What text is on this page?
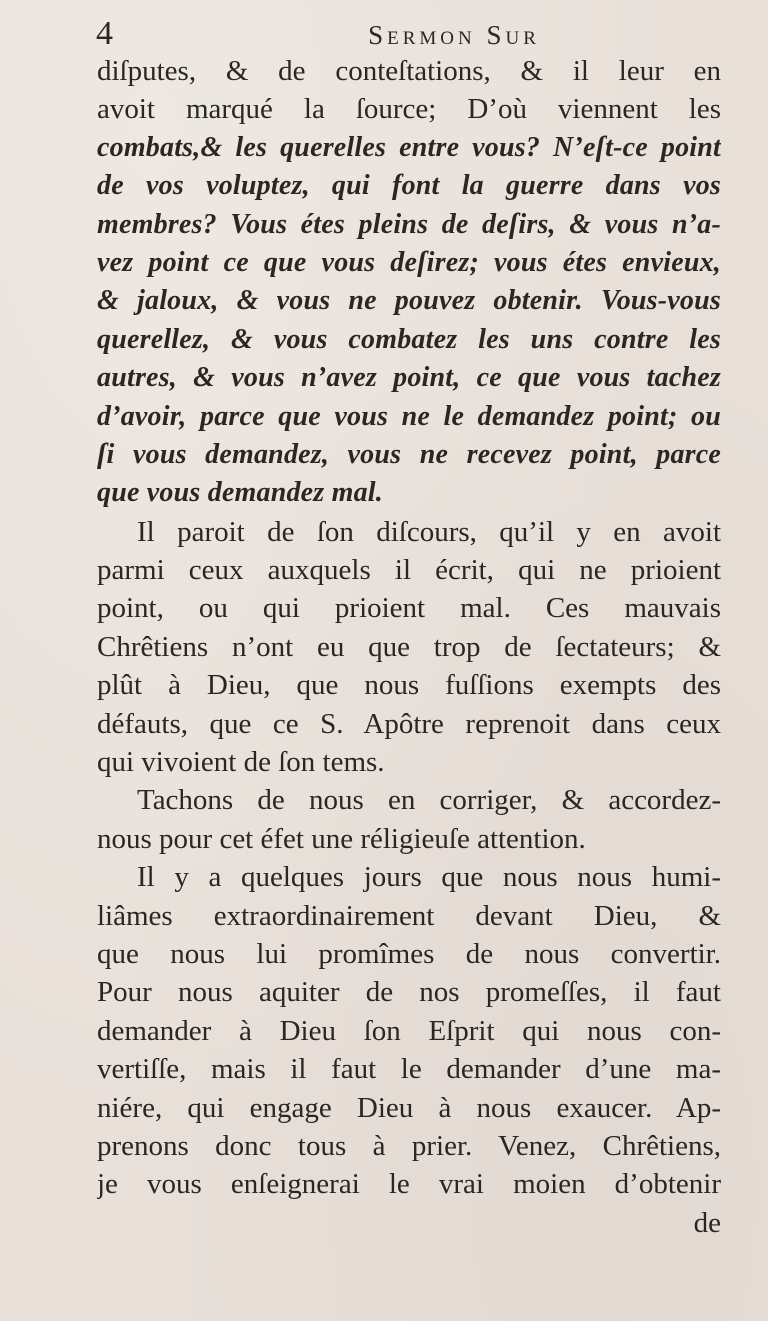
4	Sermon Sur
diſputes, & de conteſtations, & il leur en
avoit marqué la ſource; D’où viennent les
combats,& les querelles entre vous? N’eſt-ce point
de vos voluptez, qui font la guerre dans vos
membres? Vous étes pleins de deſirs, & vous n’a-
vez point ce que vous deſirez; vous étes envieux,
& jaloux, & vous ne pouvez obtenir. Vous-vous
querellez, & vous combatez les uns contre les
autres, & vous n’avez point, ce que vous tachez
d’avoir, parce que vous ne le demandez point; ou
ſi vous demandez, vous ne recevez point, parce
que vous demandez mal.
Il paroit de ſon diſcours, qu’il y en avoit
parmi ceux auxquels il écrit, qui ne prioient
point, ou qui prioient mal. Ces mauvais
Chrêtiens n’ont eu que trop de ſectateurs; &
plût à Dieu, que nous fuſſions exempts des
défauts, que ce S. Apôtre reprenoit dans ceux
qui vivoient de ſon tems.
Tachons de nous en corriger, & accordez-
nous pour cet éfet une réligieuſe attention.
Il y a quelques jours que nous nous humi-
liâmes extraordinairement devant Dieu, &
que nous lui promîmes de nous convertir.
Pour nous aquiter de nos promeſſes, il faut
demander à Dieu ſon Eſprit qui nous con-
vertiſſe, mais il faut le demander d’une ma-
niére, qui engage Dieu à nous exaucer. Ap-
prenons donc tous à prier. Venez, Chrêtiens,
je vous enſeignerai le vrai moien d’obtenir
de
